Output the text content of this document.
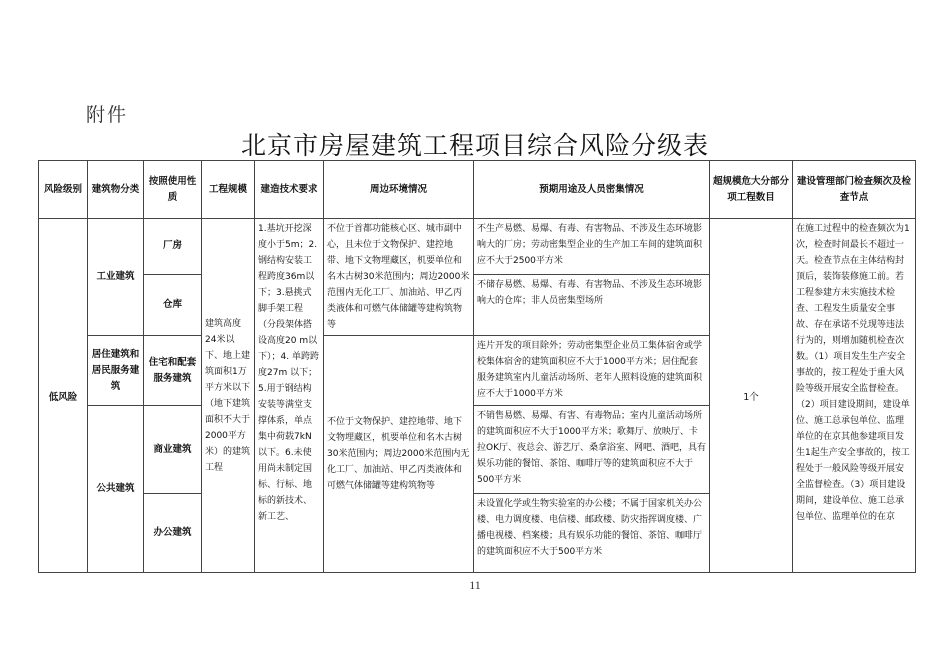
附件
北京市房屋建筑工程项目综合风险分级表
风险级别	建筑物分类	按照使用性质	工程规模	建造技术要求	周边环境情况	预期用途及人员密集情况	超规模危大分部分项工程数目	建设管理部门检查频次及检查节点
低风险	工业建筑	厂房	建筑高度24米以下、地上建筑面积1万平方米以下（地下建筑面积不大于2000平方米）的建筑工程	1.基坑开挖深度小于5m；2.钢结构安装工程跨度36m以下；3.悬挑式脚手架工程（分段架体搭设高度20 m以下）；4. 单跨跨度27m 以下；5.用于钢结构安装等满堂支撑体系，单点集中荷载7kN以下。6.未使用尚未制定国标、行标、地标的新技术、新工艺、	不位于首都功能核心区、城市副中心，且未位于文物保护、建控地带、地下文物埋藏区，机要单位和名木古树30米范围内；周边2000米范围内无化工厂、加油站、甲乙丙类液体和可燃气体储罐等建构筑物等	不生产易燃、易爆、有毒、有害物品、不涉及生态环境影响大的厂房；劳动密集型企业的生产加工车间的建筑面积应不大于2500平方米	1个	在施工过程中的检查频次为1次，检查时间最长不超过一天。检查节点在主体结构封顶后，装饰装修施工前。若工程参建方未实施技术检查、工程发生质量安全事故、存在承诺不兑现等违法行为的，则增加随机检查次数。（1）项目发生生产安全事故的，按工程处于重大风险等级开展安全监督检查。（2）项目建设期间，建设单位、施工总承包单位、监理单位的在京其他参建项目发生1起生产安全事故的，按工程处于一般风险等级开展安全监督检查。（3）项目建设期间，建设单位、施工总承包单位、监理单位的在京
		仓库				不储存易燃、易爆、有毒、有害物品、不涉及生态环境影响大的仓库；非人员密集型场所		
	居住建筑和居民服务建筑	住宅和配套服务建筑			不位于文物保护、建控地带、地下文物埋藏区，机要单位和名木古树30米范围内；周边2000米范围内无化工厂、加油站、甲乙丙类液体和可燃气体储罐等建构筑物等	连片开发的项目除外；劳动密集型企业员工集体宿舍或学校集体宿舍的建筑面积应不大于1000平方米；居住配套服务建筑室内儿童活动场所、老年人照料设施的建筑面积应不大于1000平方米		
	公共建筑	商业建筑				不销售易燃、易爆、有害、有毒物品；室内儿童活动场所的建筑面积应不大于1000平方米；歌舞厅、放映厅、卡拉OK厅、夜总会、游艺厅、桑拿浴室、网吧、酒吧，具有娱乐功能的餐馆、茶馆、咖啡厅等的建筑面积应不大于500平方米		
		办公建筑				未设置化学或生物实验室的办公楼；不属于国家机关办公楼、电力调度楼、电信楼、邮政楼、防灾指挥调度楼、广播电视楼、档案楼；具有娱乐功能的餐馆、茶馆、咖啡厅的建筑面积应不大于500平方米		
11
